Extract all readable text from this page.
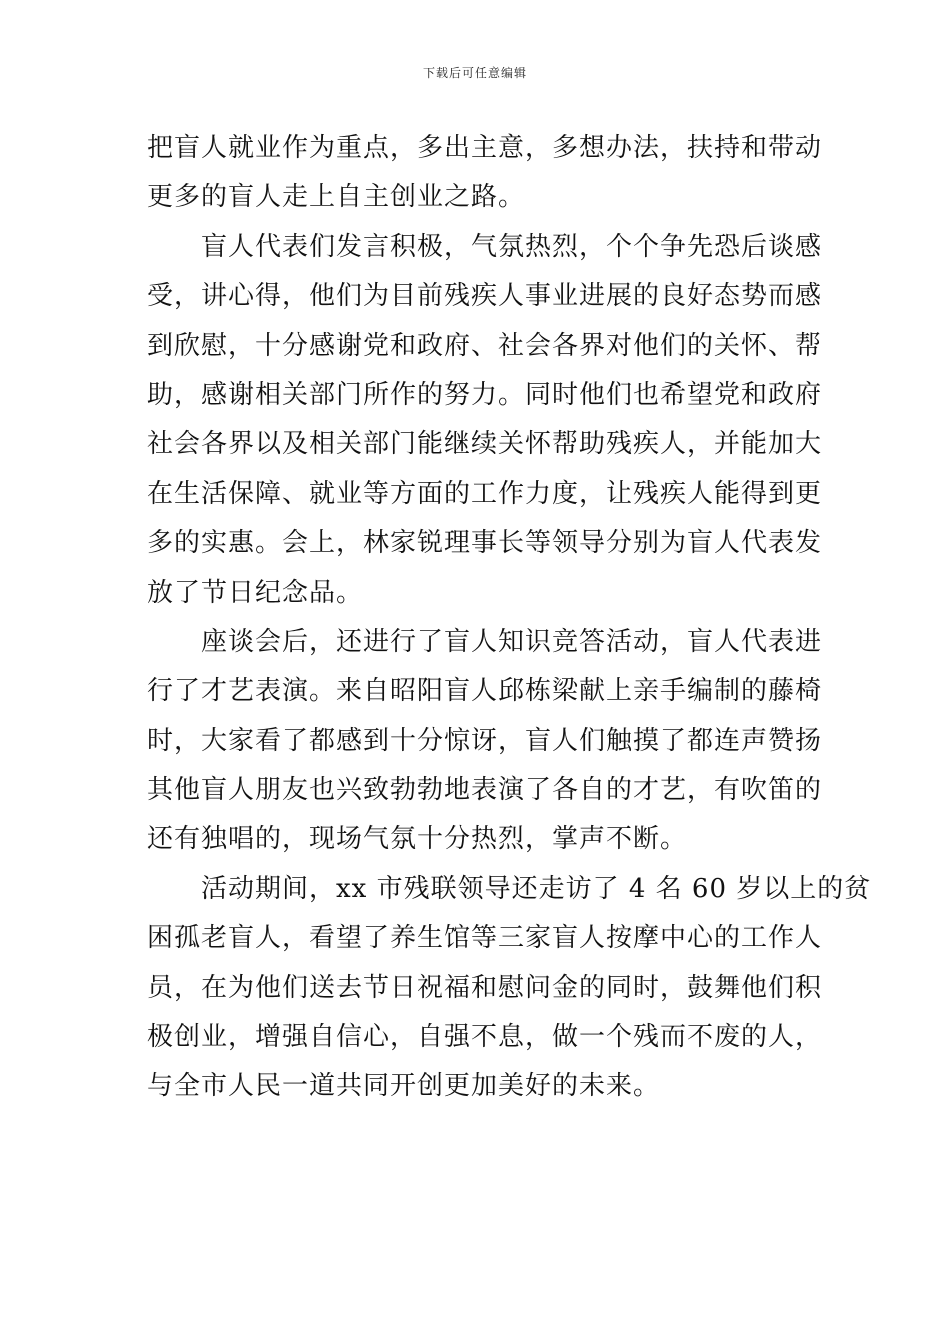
下载后可任意编辑
把盲人就业作为重点，多出主意，多想办法，扶持和带动
更多的盲人走上自主创业之路。
盲人代表们发言积极，气氛热烈，个个争先恐后谈感
受，讲心得，他们为目前残疾人事业进展的良好态势而感
到欣慰，十分感谢党和政府、社会各界对他们的关怀、帮
助，感谢相关部门所作的努力。同时他们也希望党和政府
社会各界以及相关部门能继续关怀帮助残疾人，并能加大
在生活保障、就业等方面的工作力度，让残疾人能得到更
多的实惠。会上，林家锐理事长等领导分别为盲人代表发
放了节日纪念品。
座谈会后，还进行了盲人知识竞答活动，盲人代表进
行了才艺表演。来自昭阳盲人邱栋梁献上亲手编制的藤椅
时，大家看了都感到十分惊讶，盲人们触摸了都连声赞扬
其他盲人朋友也兴致勃勃地表演了各自的才艺，有吹笛的
还有独唱的，现场气氛十分热烈，掌声不断。
活动期间，xx 市残联领导还走访了 4 名 60 岁以上的贫
困孤老盲人，看望了养生馆等三家盲人按摩中心的工作人
员，在为他们送去节日祝福和慰问金的同时，鼓舞他们积
极创业，增强自信心，自强不息，做一个残而不废的人，
与全市人民一道共同开创更加美好的未来。
